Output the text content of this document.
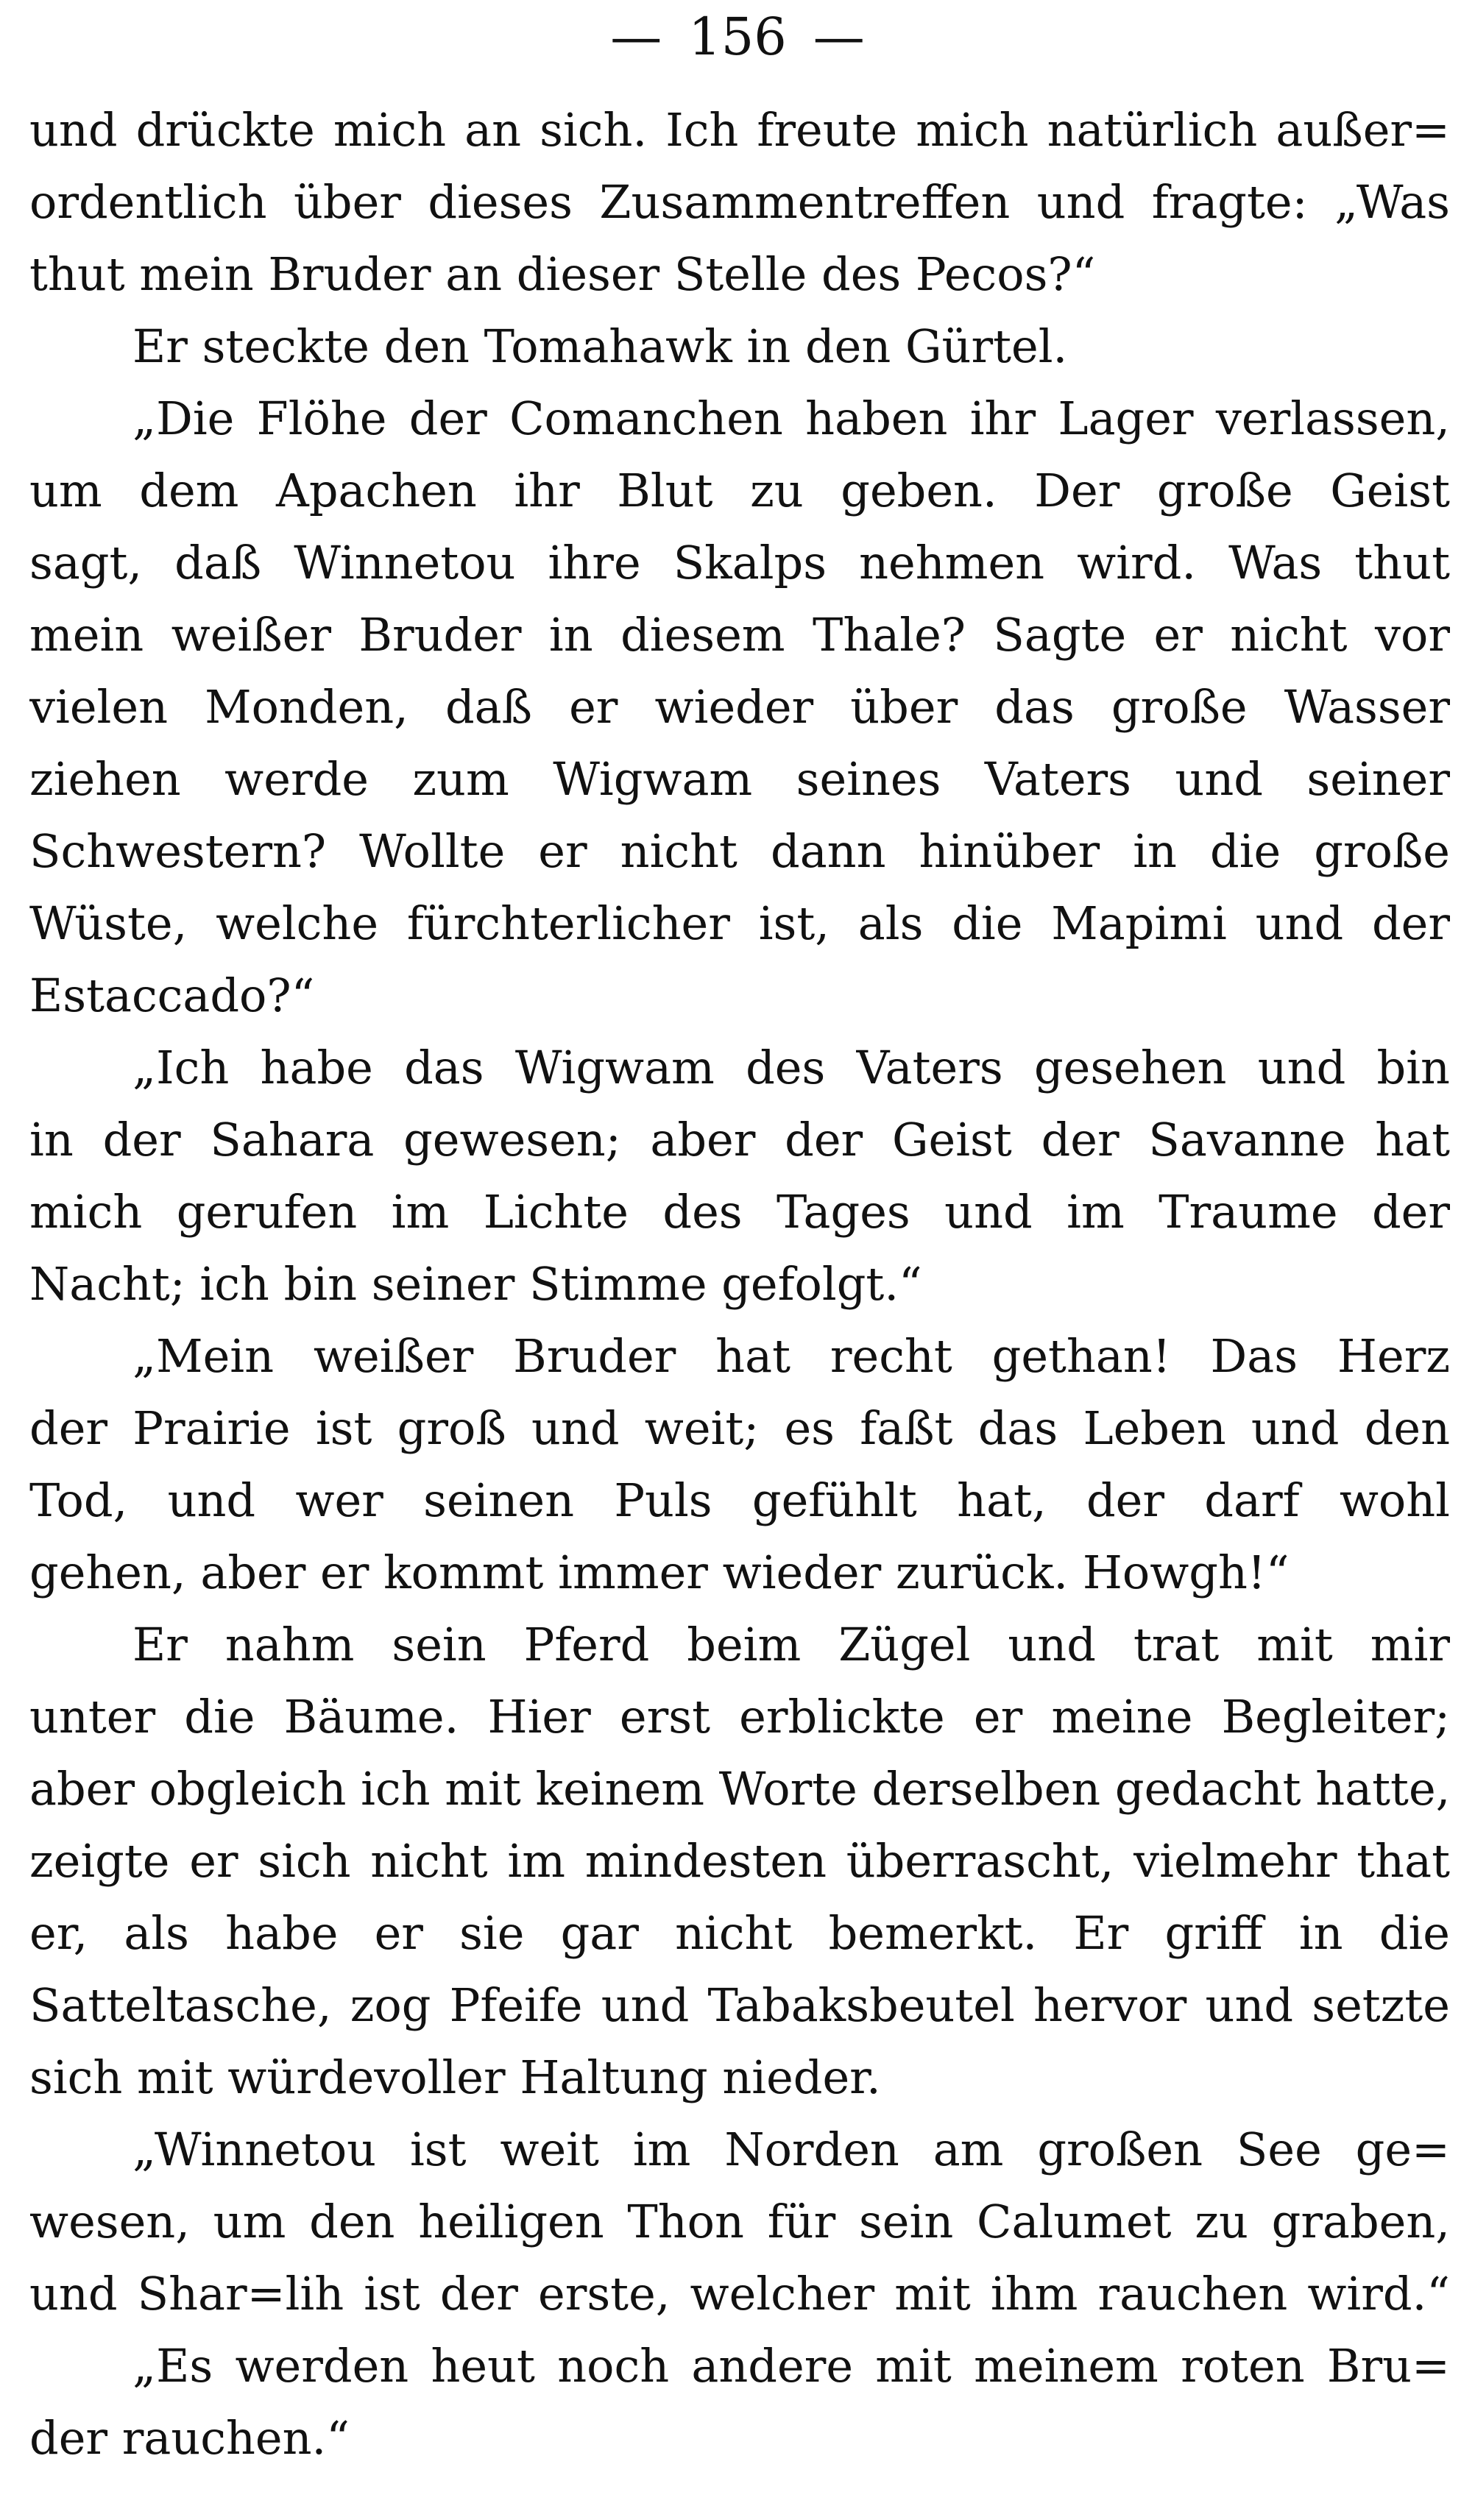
— 156 —
und drückte mich an sich. Ich freute mich natürlich außer=
ordentlich über dieses Zusammentreffen und fragte: „Was
thut mein Bruder an dieser Stelle des Pecos?“
Er steckte den Tomahawk in den Gürtel.
„Die Flöhe der Comanchen haben ihr Lager verlassen,
um dem Apachen ihr Blut zu geben. Der große Geist
sagt, daß Winnetou ihre Skalps nehmen wird. Was thut
mein weißer Bruder in diesem Thale? Sagte er nicht vor
vielen Monden, daß er wieder über das große Wasser
ziehen werde zum Wigwam seines Vaters und seiner
Schwestern? Wollte er nicht dann hinüber in die große
Wüste, welche fürchterlicher ist, als die Mapimi und der
Estaccado?“
„Ich habe das Wigwam des Vaters gesehen und bin
in der Sahara gewesen; aber der Geist der Savanne hat
mich gerufen im Lichte des Tages und im Traume der
Nacht; ich bin seiner Stimme gefolgt.“
„Mein weißer Bruder hat recht gethan! Das Herz
der Prairie ist groß und weit; es faßt das Leben und den
Tod, und wer seinen Puls gefühlt hat, der darf wohl
gehen, aber er kommt immer wieder zurück. Howgh!“
Er nahm sein Pferd beim Zügel und trat mit mir
unter die Bäume. Hier erst erblickte er meine Begleiter;
aber obgleich ich mit keinem Worte derselben gedacht hatte,
zeigte er sich nicht im mindesten überrascht, vielmehr that
er, als habe er sie gar nicht bemerkt. Er griff in die
Satteltasche, zog Pfeife und Tabaksbeutel hervor und setzte
sich mit würdevoller Haltung nieder.
„Winnetou ist weit im Norden am großen See ge=
wesen, um den heiligen Thon für sein Calumet zu graben,
und Shar=lih ist der erste, welcher mit ihm rauchen wird.“
„Es werden heut noch andere mit meinem roten Bru=
der rauchen.“
